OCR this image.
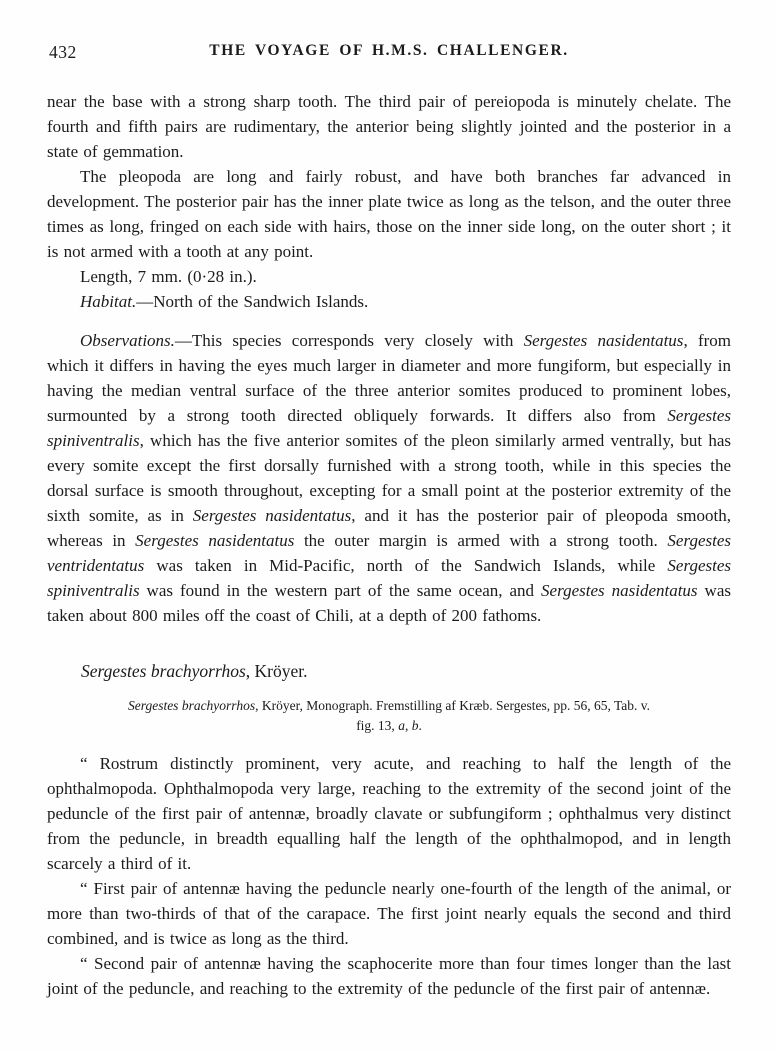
432	THE VOYAGE OF H.M.S. CHALLENGER.

near the base with a strong sharp tooth. The third pair of pereiopoda is minutely chelate. The fourth and fifth pairs are rudimentary, the anterior being slightly jointed and the posterior in a state of gemmation.

The pleopoda are long and fairly robust, and have both branches far advanced in development. The posterior pair has the inner plate twice as long as the telson, and the outer three times as long, fringed on each side with hairs, those on the inner side long, on the outer short ; it is not armed with a tooth at any point.

Length, 7 mm. (0·28 in.).

Habitat.—North of the Sandwich Islands.

Observations.—This species corresponds very closely with Sergestes nasidentatus, from which it differs in having the eyes much larger in diameter and more fungiform, but especially in having the median ventral surface of the three anterior somites produced to prominent lobes, surmounted by a strong tooth directed obliquely forwards. It differs also from Sergestes spiniventralis, which has the five anterior somites of the pleon similarly armed ventrally, but has every somite except the first dorsally furnished with a strong tooth, while in this species the dorsal surface is smooth throughout, excepting for a small point at the posterior extremity of the sixth somite, as in Sergestes nasidentatus, and it has the posterior pair of pleopoda smooth, whereas in Sergestes nasidentatus the outer margin is armed with a strong tooth. Sergestes ventridentatus was taken in Mid-Pacific, north of the Sandwich Islands, while Sergestes spiniventralis was found in the western part of the same ocean, and Sergestes nasidentatus was taken about 800 miles off the coast of Chili, at a depth of 200 fathoms.

Sergestes brachyorrhos, Kröyer.
Sergestes brachyorrhos, Kröyer, Monograph. Fremstilling af Kræb. Sergestes, pp. 56, 65, Tab. v.
fig. 13, a, b.

“ Rostrum distinctly prominent, very acute, and reaching to half the length of the ophthalmopoda. Ophthalmopoda very large, reaching to the extremity of the second joint of the peduncle of the first pair of antennæ, broadly clavate or subfungiform ; ophthalmus very distinct from the peduncle, in breadth equalling half the length of the ophthalmopod, and in length scarcely a third of it.

“ First pair of antennæ having the peduncle nearly one-fourth of the length of the animal, or more than two-thirds of that of the carapace. The first joint nearly equals the second and third combined, and is twice as long as the third.

“ Second pair of antennæ having the scaphocerite more than four times longer than the last joint of the peduncle, and reaching to the extremity of the peduncle of the first pair of antennæ.
